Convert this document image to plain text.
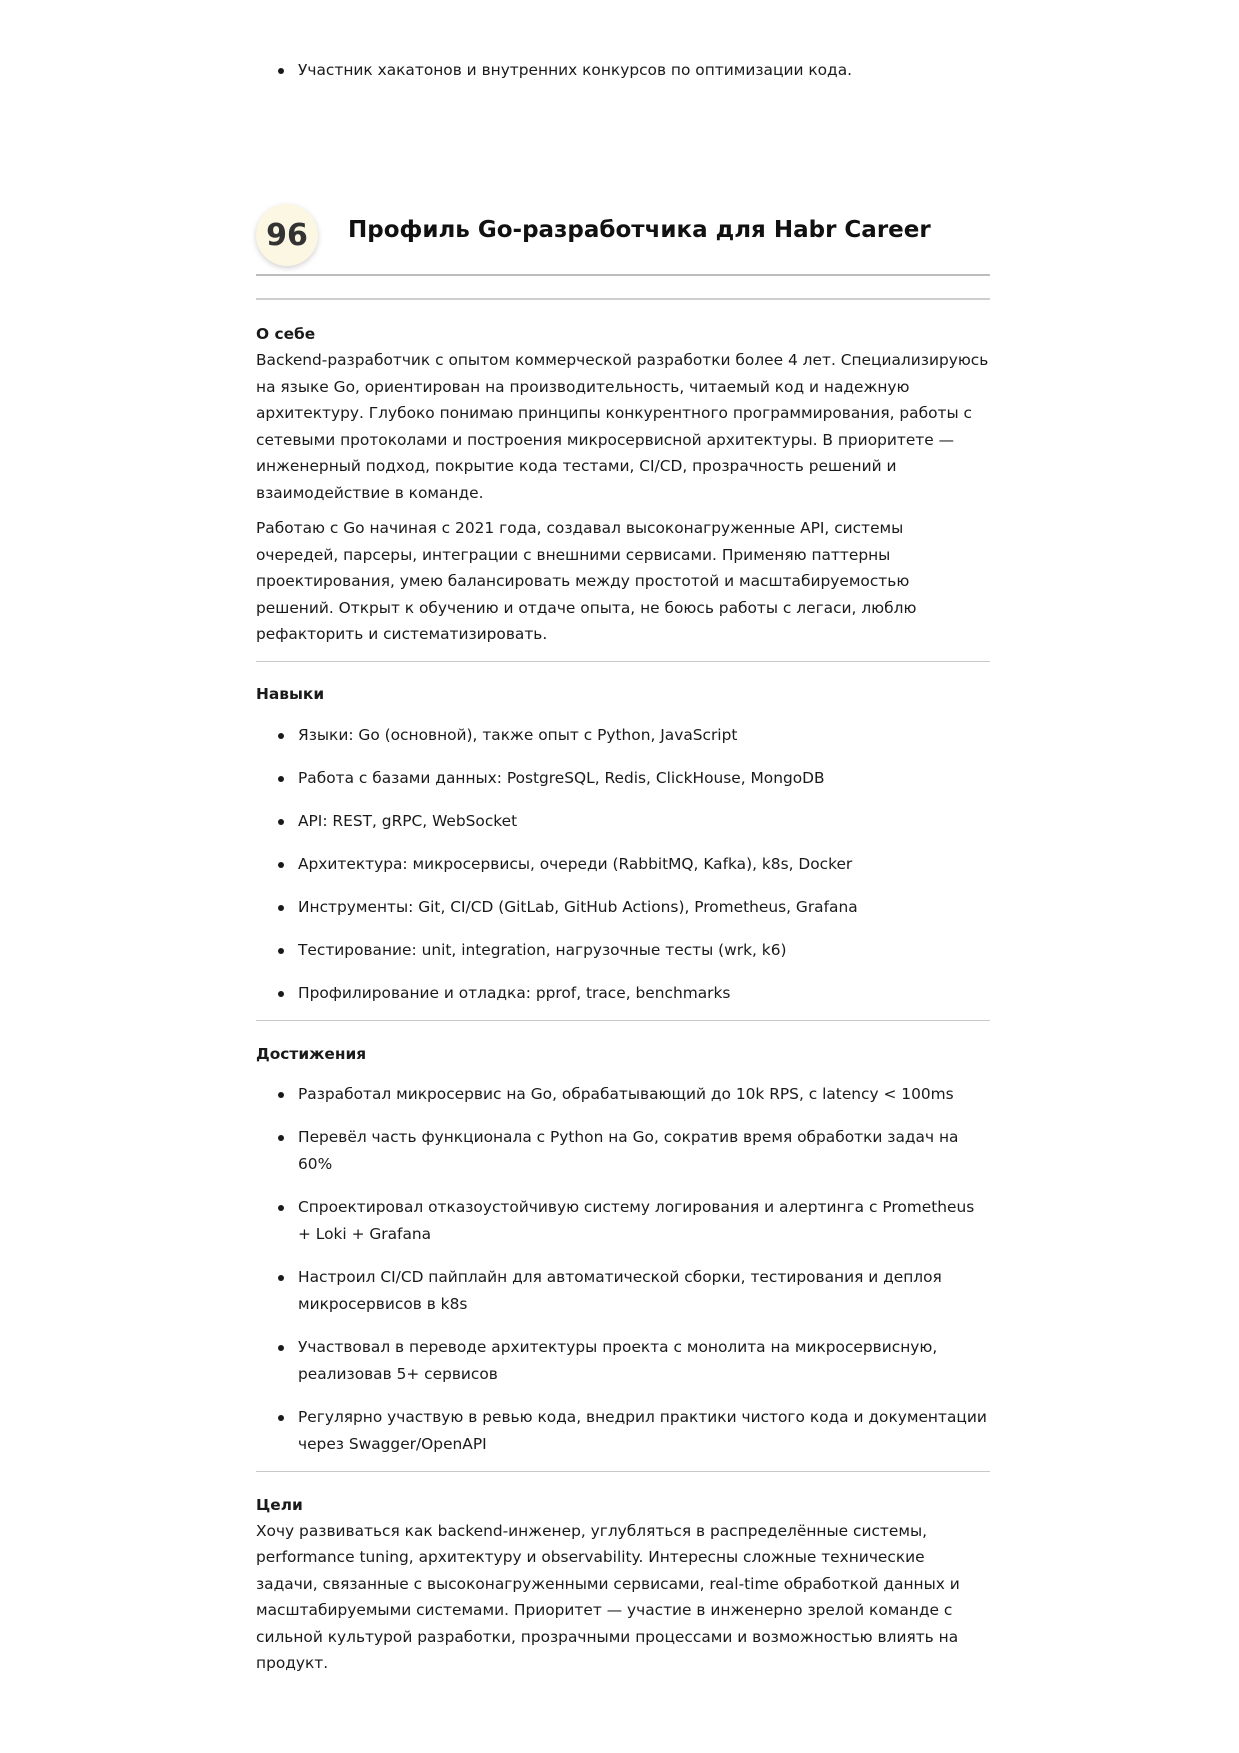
Участник хакатонов и внутренних конкурсов по оптимизации кода.
96	Профиль Go-разработчика для Habr Career
О себе

Backend-разработчик с опытом коммерческой разработки более 4 лет. Специализируюсь на языке Go, ориентирован на производительность, читаемый код и надежную архитектуру. Глубоко понимаю принципы конкурентного программирования, работы с сетевыми протоколами и построения микросервисной архитектуры. В приоритете — инженерный подход, покрытие кода тестами, CI/CD, прозрачность решений и взаимодействие в команде.

Работаю с Go начиная с 2021 года, создавал высоконагруженные API, системы очередей, парсеры, интеграции с внешними сервисами. Применяю паттерны проектирования, умею балансировать между простотой и масштабируемостью решений. Открыт к обучению и отдаче опыта, не боюсь работы с легаси, люблю рефакторить и систематизировать.

Навыки
Языки: Go (основной), также опыт с Python, JavaScript
Работа с базами данных: PostgreSQL, Redis, ClickHouse, MongoDB
API: REST, gRPC, WebSocket
Архитектура: микросервисы, очереди (RabbitMQ, Kafka), k8s, Docker
Инструменты: Git, CI/CD (GitLab, GitHub Actions), Prometheus, Grafana
Тестирование: unit, integration, нагрузочные тесты (wrk, k6)
Профилирование и отладка: pprof, trace, benchmarks
Достижения
Разработал микросервис на Go, обрабатывающий до 10k RPS, с latency < 100ms
Перевёл часть функционала с Python на Go, сократив время обработки задач на 60%
Спроектировал отказоустойчивую систему логирования и алертинга с Prometheus + Loki + Grafana
Настроил CI/CD пайплайн для автоматической сборки, тестирования и деплоя микросервисов в k8s
Участвовал в переводе архитектуры проекта с монолита на микросервисную, реализовав 5+ сервисов
Регулярно участвую в ревью кода, внедрил практики чистого кода и документации через Swagger/OpenAPI
Цели

Хочу развиваться как backend-инженер, углубляться в распределённые системы, performance tuning, архитектуру и observability. Интересны сложные технические задачи, связанные с высоконагруженными сервисами, real-time обработкой данных и масштабируемыми системами. Приоритет — участие в инженерно зрелой команде с сильной культурой разработки, прозрачными процессами и возможностью влиять на продукт.
